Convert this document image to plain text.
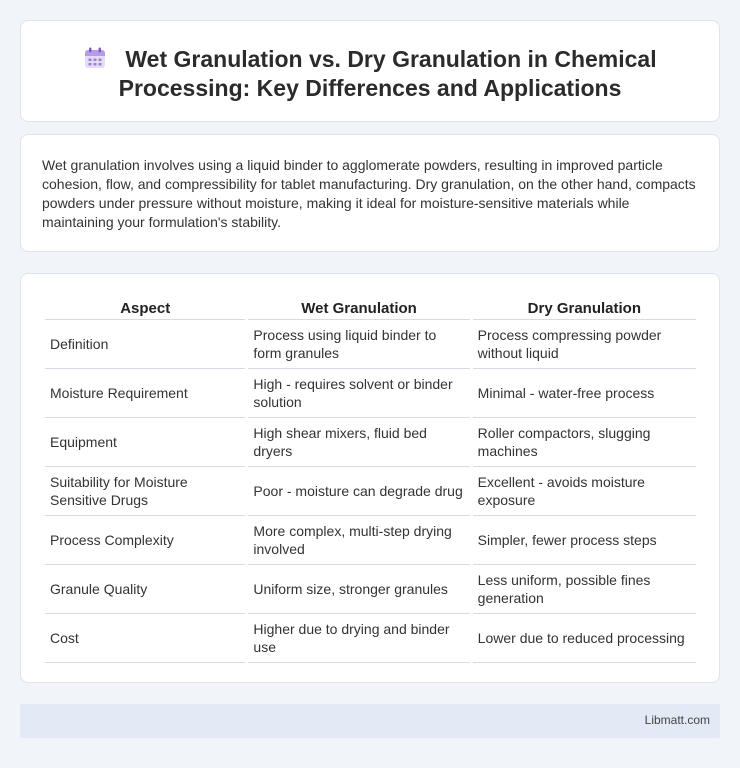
Wet Granulation vs. Dry Granulation in Chemical Processing: Key Differences and Applications

Wet granulation involves using a liquid binder to agglomerate powders, resulting in improved particle cohesion, flow, and compressibility for tablet manufacturing. Dry granulation, on the other hand, compacts powders under pressure without moisture, making it ideal for moisture-sensitive materials while maintaining your formulation's stability.

Aspect	Wet Granulation	Dry Granulation
Definition	Process using liquid binder to form granules	Process compressing powder without liquid
Moisture Requirement	High - requires solvent or binder solution	Minimal - water-free process
Equipment	High shear mixers, fluid bed dryers	Roller compactors, slugging machines
Suitability for Moisture Sensitive Drugs	Poor - moisture can degrade drug	Excellent - avoids moisture exposure
Process Complexity	More complex, multi-step drying involved	Simpler, fewer process steps
Granule Quality	Uniform size, stronger granules	Less uniform, possible fines generation
Cost	Higher due to drying and binder use	Lower due to reduced processing
Libmatt.com
